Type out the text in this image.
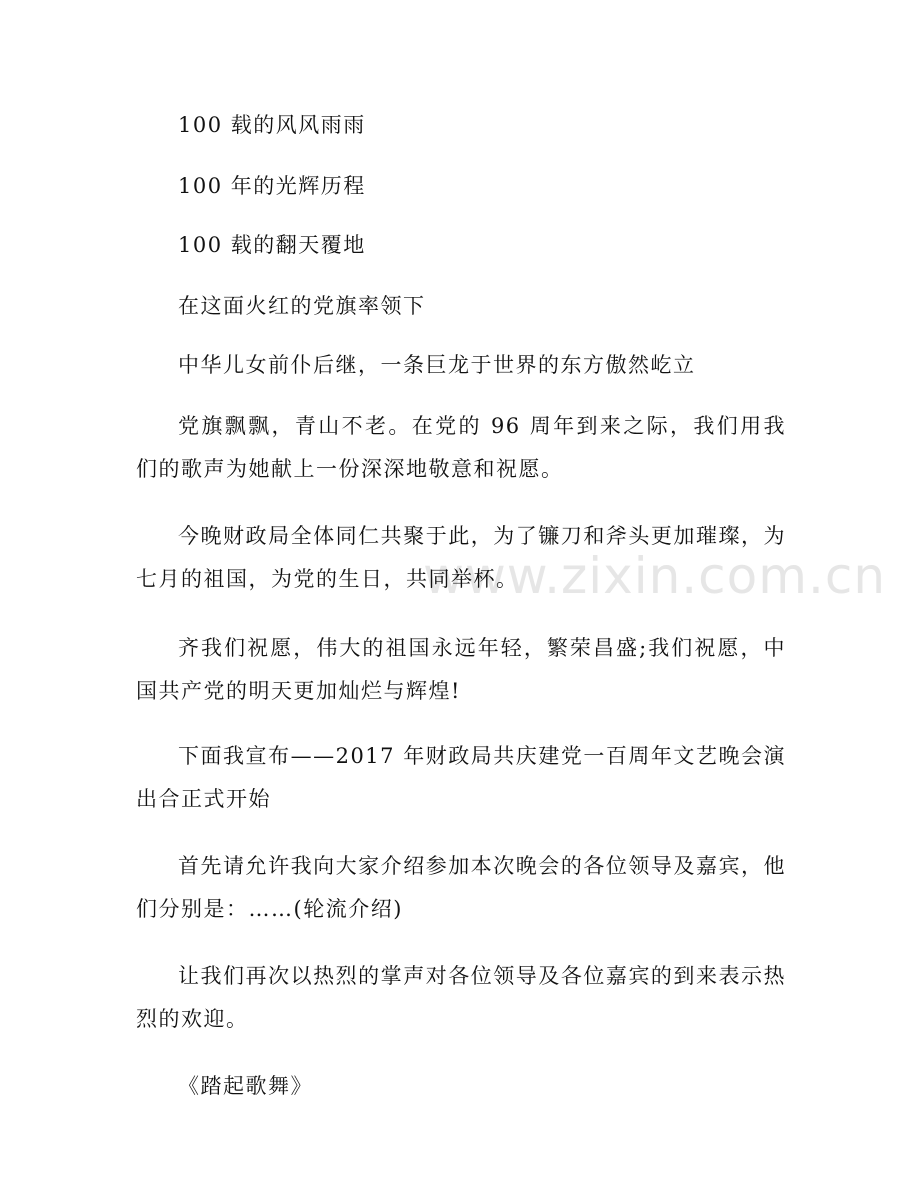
www.zixin.com.cn

100 载的风风雨雨

100 年的光辉历程

100 载的翻天覆地

在这面火红的党旗率领下

中华儿女前仆后继，一条巨龙于世界的东方傲然屹立

党旗飘飘，青山不老。在党的 96 周年到来之际，我们用我们的歌声为她献上一份深深地敬意和祝愿。

今晚财政局全体同仁共聚于此，为了镰刀和斧头更加璀璨，为七月的祖国，为党的生日，共同举杯。

齐我们祝愿，伟大的祖国永远年轻，繁荣昌盛;我们祝愿，中国共产党的明天更加灿烂与辉煌!

下面我宣布——2017 年财政局共庆建党一百周年文艺晚会演出合正式开始

首先请允许我向大家介绍参加本次晚会的各位领导及嘉宾，他们分别是：……(轮流介绍)

让我们再次以热烈的掌声对各位领导及各位嘉宾的到来表示热烈的欢迎。

《踏起歌舞》
